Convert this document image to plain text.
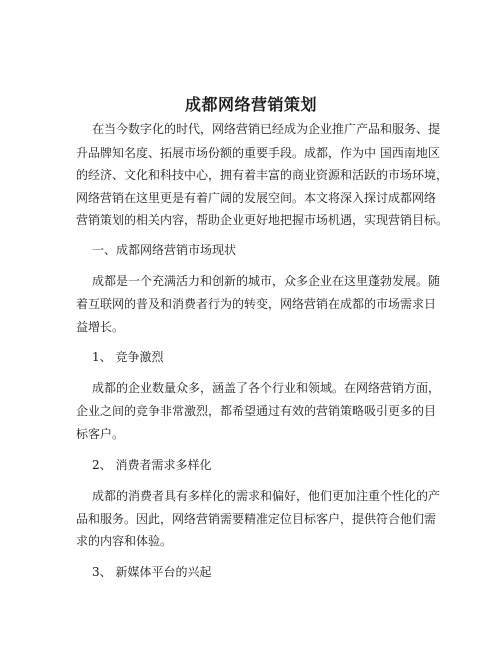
成都网络营销策划
在当今数字化的时代，网络营销已经成为企业推广产品和服务、提
升品牌知名度、拓展市场份额的重要手段。成都，作为中 国西南地区
的经济、文化和科技中心，拥有着丰富的商业资源和活跃的市场环境，
网络营销在这里更是有着广阔的发展空间。本文将深入探讨成都网络
营销策划的相关内容，帮助企业更好地把握市场机遇，实现营销目标。
一、成都网络营销市场现状
成都是一个充满活力和创新的城市，众多企业在这里蓬勃发展。随
着互联网的普及和消费者行为的转变，网络营销在成都的市场需求日
益增长。
1、 竞争激烈
成都的企业数量众多，涵盖了各个行业和领域。在网络营销方面，
企业之间的竞争非常激烈，都希望通过有效的营销策略吸引更多的目
标客户。
2、 消费者需求多样化
成都的消费者具有多样化的需求和偏好，他们更加注重个性化的产
品和服务。因此，网络营销需要精准定位目标客户，提供符合他们需
求的内容和体验。
3、 新媒体平台的兴起
